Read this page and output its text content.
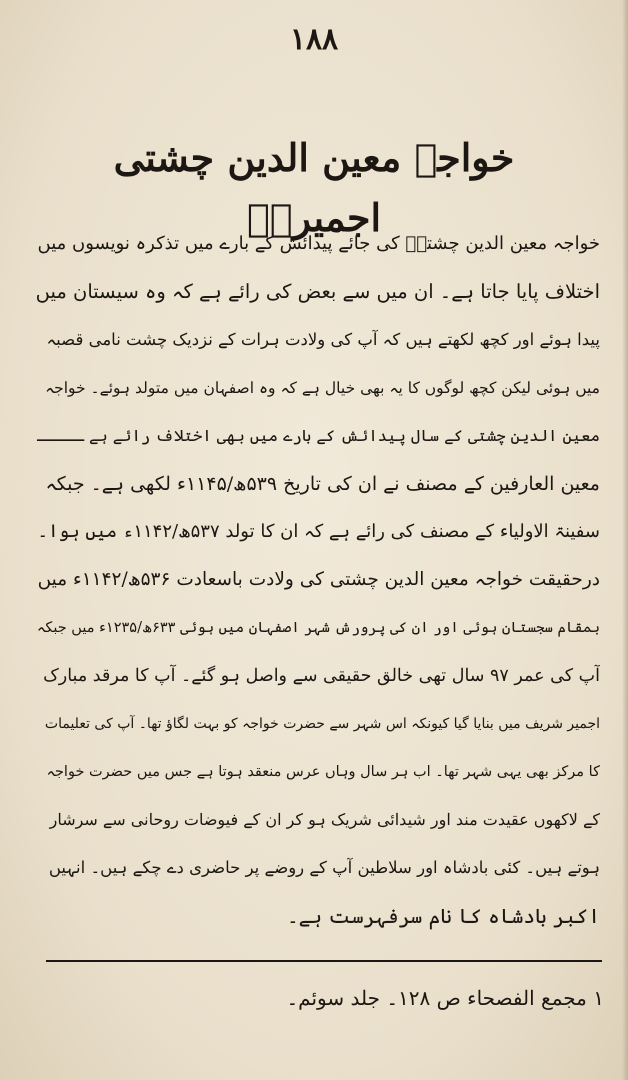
۱۸۸
خواجہ معین الدین چشتی اجمیریؒ
خواجہ معین الدین چشتیؒ کی جائے پیدائش کے بارے میں تذکرہ نویسوں میں
اختلاف پایا جاتا ہے۔ ان میں سے بعض کی رائے ہے کہ وہ سیستان میں
پیدا ہوئے اور کچھ لکھتے ہیں کہ آپ کی ولادت ہرات کے نزدیک چشت نامی قصبہ
میں ہوئی لیکن کچھ لوگوں کا یہ بھی خیال ہے کہ وہ اصفہان میں متولد ہوئے۔ خواجہ
معین الدین چشتی کے سال پیدائش کے بارے میں بھی اختلاف رائے ہے ـــــ
معین العارفین کے مصنف نے ان کی تاریخ ۵۳۹ھ/۱۱۴۵ء لکھی ہے۔ جبکہ
سفینۃ الاولیاء کے مصنف کی رائے ہے کہ ان کا تولد ۵۳۷ھ/۱۱۴۲ء میں ہوا۔
درحقیقت خواجہ معین الدین چشتی کی ولادت باسعادت ۵۳۶ھ/۱۱۴۲ء میں
بمقام سجستان ہوئی اور ان کی پرورش شہر اصفہان میں ہوئی ۶۳۳ھ/۱۲۳۵ء میں جبکہ
آپ کی عمر ۹۷ سال تھی خالق حقیقی سے واصل ہو گئے۔ آپ کا مرقد مبارک
اجمیر شریف میں بنایا گیا کیونکہ اس شہر سے حضرت خواجہ کو بہت لگاؤ تھا۔ آپ کی تعلیمات
کا مرکز بھی یہی شہر تھا۔ اب ہر سال وہاں عرس منعقد ہوتا ہے جس میں حضرت خواجہ
کے لاکھوں عقیدت مند اور شیدائی شریک ہو کر ان کے فیوضات روحانی سے سرشار
ہوتے ہیں۔ کئی بادشاہ اور سلاطین آپ کے روضے پر حاضری دے چکے ہیں۔ انہیں
اکبر بادشاہ کا نام سرفہرست ہے۔
۱ مجمع الفصحاء ص ۱۲۸۔ جلد سوئم۔
